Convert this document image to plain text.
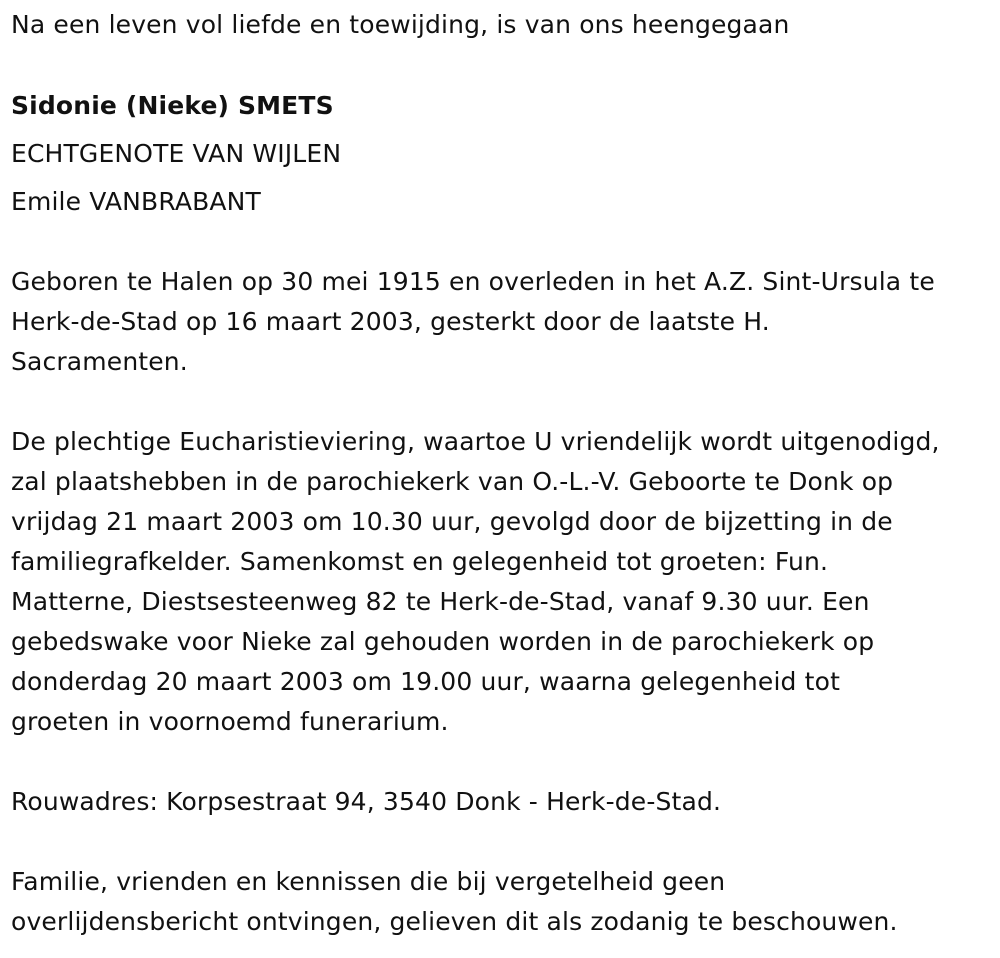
Na een leven vol liefde en toewijding, is van ons heengegaan
Sidonie (Nieke) SMETS
ECHTGENOTE VAN WIJLEN
Emile VANBRABANT
Geboren te Halen op 30 mei 1915 en overleden in het A.Z. Sint-Ursula te
Herk-de-Stad op 16 maart 2003, gesterkt door de laatste H.
Sacramenten.
De plechtige Eucharistieviering, waartoe U vriendelijk wordt uitgenodigd,
zal plaatshebben in de parochiekerk van O.-L.-V. Geboorte te Donk op
vrijdag 21 maart 2003 om 10.30 uur, gevolgd door de bijzetting in de
familiegrafkelder. Samenkomst en gelegenheid tot groeten: Fun.
Matterne, Diestsesteenweg 82 te Herk-de-Stad, vanaf 9.30 uur. Een
gebedswake voor Nieke zal gehouden worden in de parochiekerk op
donderdag 20 maart 2003 om 19.00 uur, waarna gelegenheid tot
groeten in voornoemd funerarium.
Rouwadres: Korpsestraat 94, 3540 Donk - Herk-de-Stad.
Familie, vrienden en kennissen die bij vergetelheid geen
overlijdensbericht ontvingen, gelieven dit als zodanig te beschouwen.
